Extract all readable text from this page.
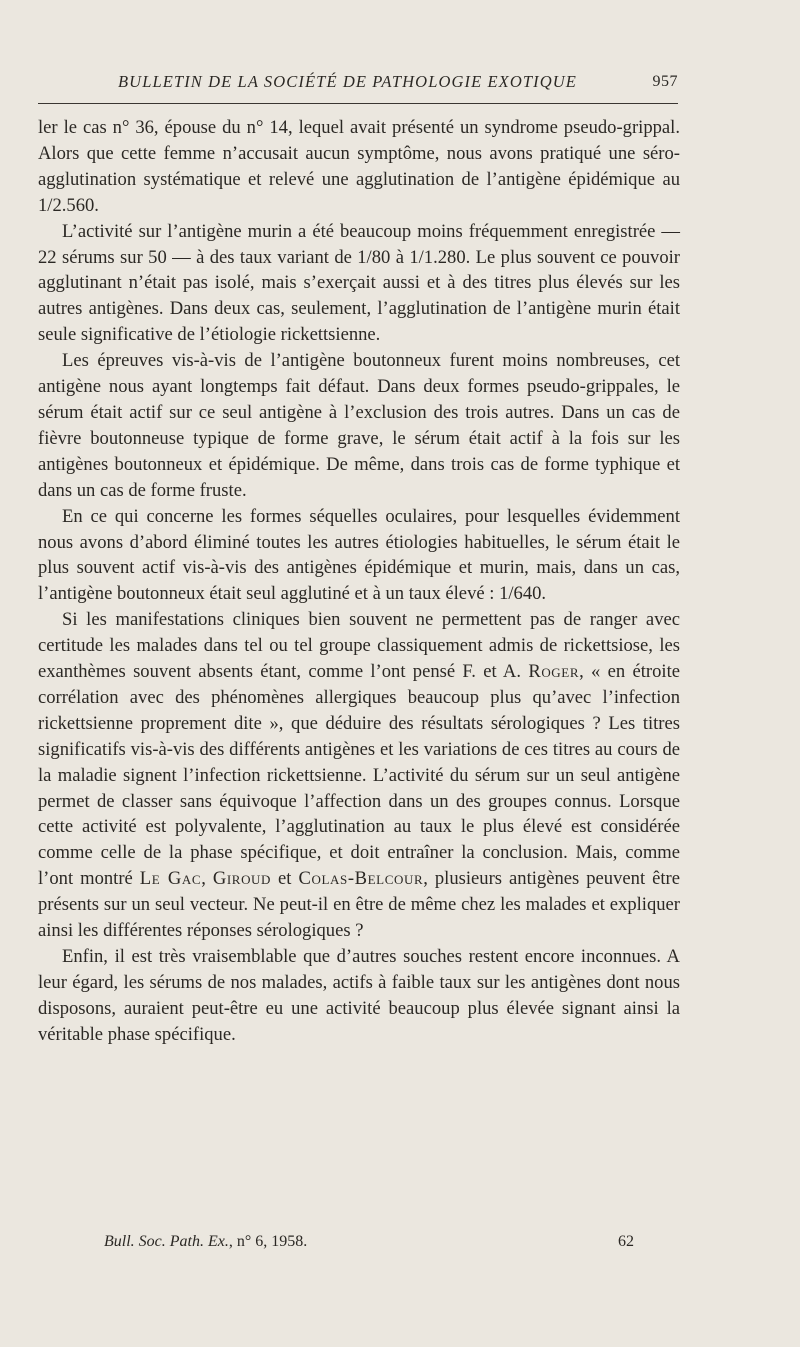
BULLETIN DE LA SOCIÉTÉ DE PATHOLOGIE EXOTIQUE	957

ler le cas n° 36, épouse du n° 14, lequel avait présenté un syndrome pseudo-grippal. Alors que cette femme n’accusait aucun symptôme, nous avons pratiqué une séro-agglutination systématique et relevé une agglutination de l’antigène épidémique au 1/2.560.

L’activité sur l’antigène murin a été beaucoup moins fréquemment enregistrée — 22 sérums sur 50 — à des taux variant de 1/80 à 1/1.280. Le plus souvent ce pouvoir agglutinant n’était pas isolé, mais s’exerçait aussi et à des titres plus élevés sur les autres antigènes. Dans deux cas, seulement, l’agglutination de l’antigène murin était seule significative de l’étiologie rickettsienne.

Les épreuves vis-à-vis de l’antigène boutonneux furent moins nombreuses, cet antigène nous ayant longtemps fait défaut. Dans deux formes pseudo-grippales, le sérum était actif sur ce seul antigène à l’exclusion des trois autres. Dans un cas de fièvre boutonneuse typique de forme grave, le sérum était actif à la fois sur les antigènes boutonneux et épidémique. De même, dans trois cas de forme typhique et dans un cas de forme fruste.

En ce qui concerne les formes séquelles oculaires, pour lesquelles évidemment nous avons d’abord éliminé toutes les autres étiologies habituelles, le sérum était le plus souvent actif vis-à-vis des antigènes épidémique et murin, mais, dans un cas, l’antigène boutonneux était seul agglutiné et à un taux élevé : 1/640.

Si les manifestations cliniques bien souvent ne permettent pas de ranger avec certitude les malades dans tel ou tel groupe classiquement admis de rickettsiose, les exanthèmes souvent absents étant, comme l’ont pensé F. et A. Roger, « en étroite corrélation avec des phénomènes allergiques beaucoup plus qu’avec l’infection rickettsienne proprement dite », que déduire des résultats sérologiques ? Les titres significatifs vis-à-vis des différents antigènes et les variations de ces titres au cours de la maladie signent l’infection rickettsienne. L’activité du sérum sur un seul antigène permet de classer sans équivoque l’affection dans un des groupes connus. Lorsque cette activité est polyvalente, l’agglutination au taux le plus élevé est considérée comme celle de la phase spécifique, et doit entraîner la conclusion. Mais, comme l’ont montré Le Gac, Giroud et Colas-Belcour, plusieurs antigènes peuvent être présents sur un seul vecteur. Ne peut-il en être de même chez les malades et expliquer ainsi les différentes réponses sérologiques ?

Enfin, il est très vraisemblable que d’autres souches restent encore inconnues. A leur égard, les sérums de nos malades, actifs à faible taux sur les antigènes dont nous disposons, auraient peut-être eu une activité beaucoup plus élevée signant ainsi la véritable phase spécifique.

Bull. Soc. Path. Ex., n° 6, 1958.	62
